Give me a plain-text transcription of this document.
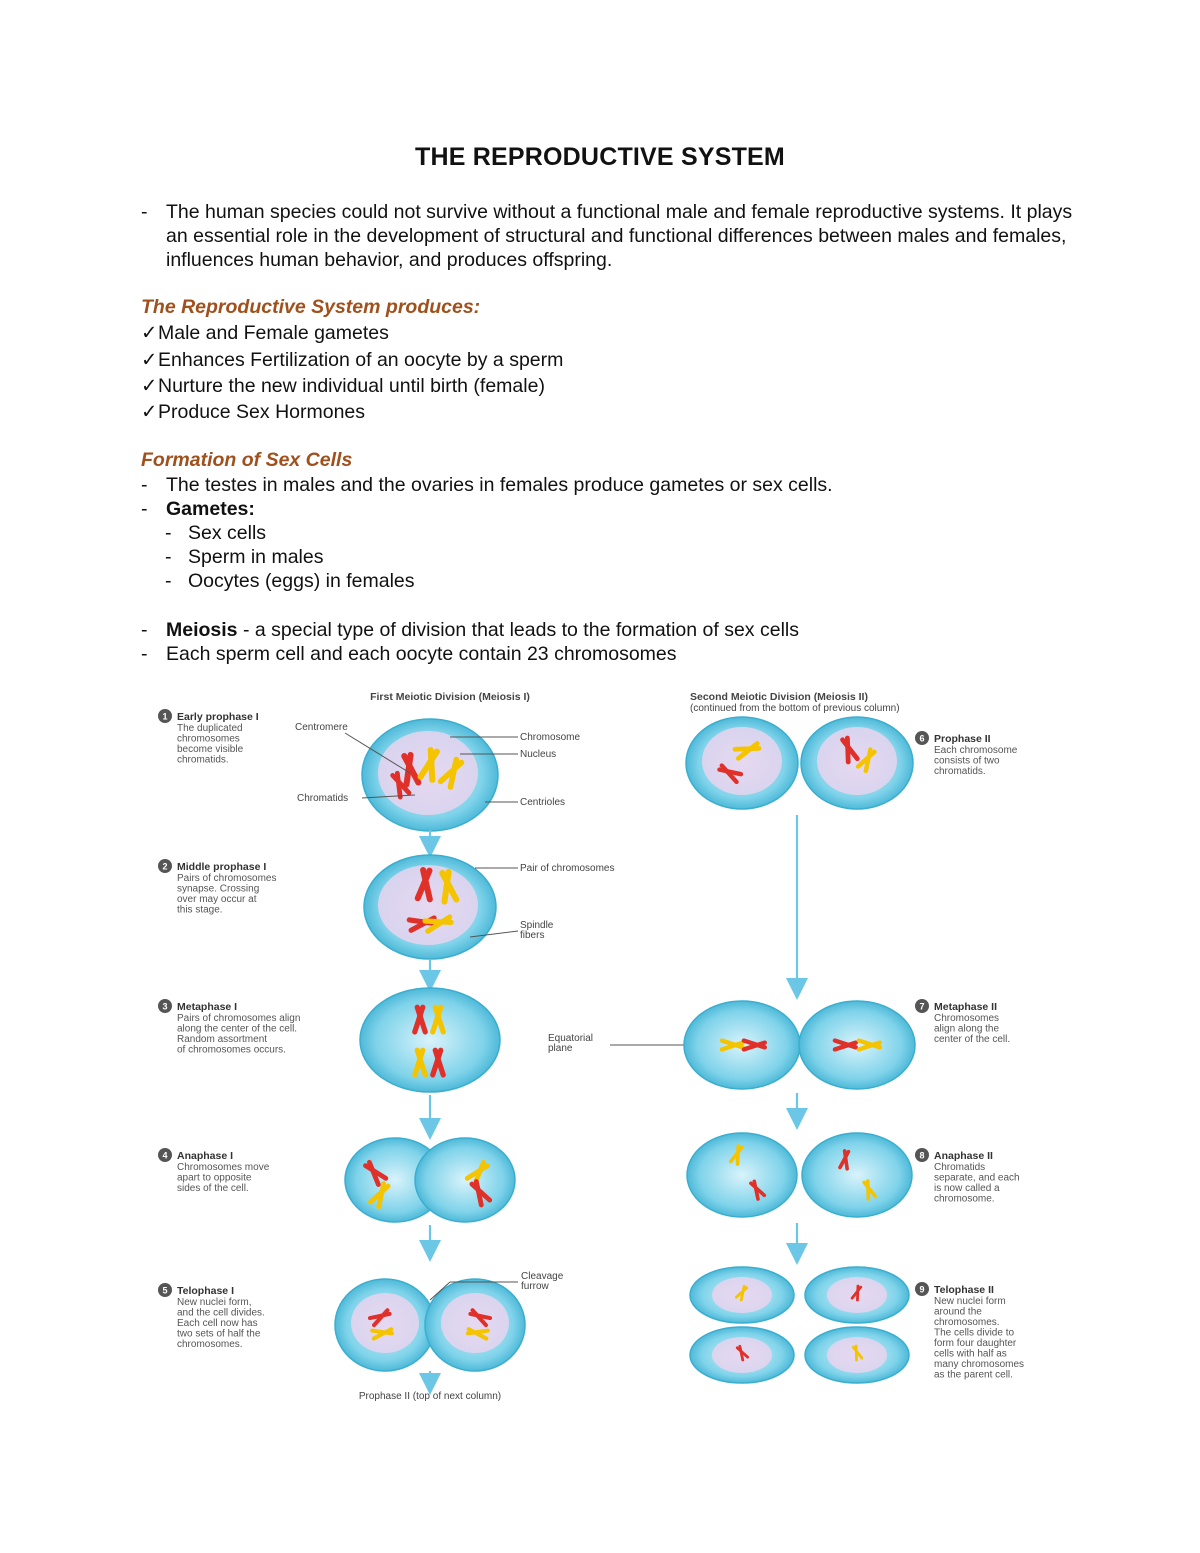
THE REPRODUCTIVE SYSTEM
- The human species could not survive without a functional male and female reproductive systems. It plays an essential role in the development of structural and functional differences between males and females, influences human behavior, and produces offspring.
The Reproductive System produces:
✓Male and Female gametes
✓Enhances Fertilization of an oocyte by a sperm
✓Nurture the new individual until birth (female)
✓Produce Sex Hormones
Formation of Sex Cells
- The testes in males and the ovaries in females produce gametes or sex cells.
- Gametes:
- Sex cells
- Sperm in males
- Oocytes (eggs) in females
- Meiosis - a special type of division that leads to the formation of sex cells
- Each sperm cell and each oocyte contain 23 chromosomes
First Meiotic Division (Meiosis I)	Second Meiotic Division (Meiosis II)
(continued from the bottom of previous column)
1 Early prophase I
The duplicated
chromosomes
become visible
chromatids.
Centromere
Chromosome
Nucleus
Chromatids	Centrioles
2 Middle prophase I
Pairs of chromosomes
synapse. Crossing
over may occur at
this stage.
Pair of chromosomes
Spindle
fibers
3 Metaphase I
Pairs of chromosomes align
along the center of the cell.
Random assortment
of chromosomes occurs.
Equatorial
plane
4 Anaphase I
Chromosomes move
apart to opposite
sides of the cell.
5 Telophase I
New nuclei form,
and the cell divides.
Each cell now has
two sets of half the
chromosomes.
Cleavage
furrow
Prophase II (top of next column)
6 Prophase II
Each chromosome
consists of two
chromatids.
7 Metaphase II
Chromosomes
align along the
center of the cell.
8 Anaphase II
Chromatids
separate, and each
is now called a
chromosome.
9 Telophase II
New nuclei form
around the
chromosomes.
The cells divide to
form four daughter
cells with half as
many chromosomes
as the parent cell.
